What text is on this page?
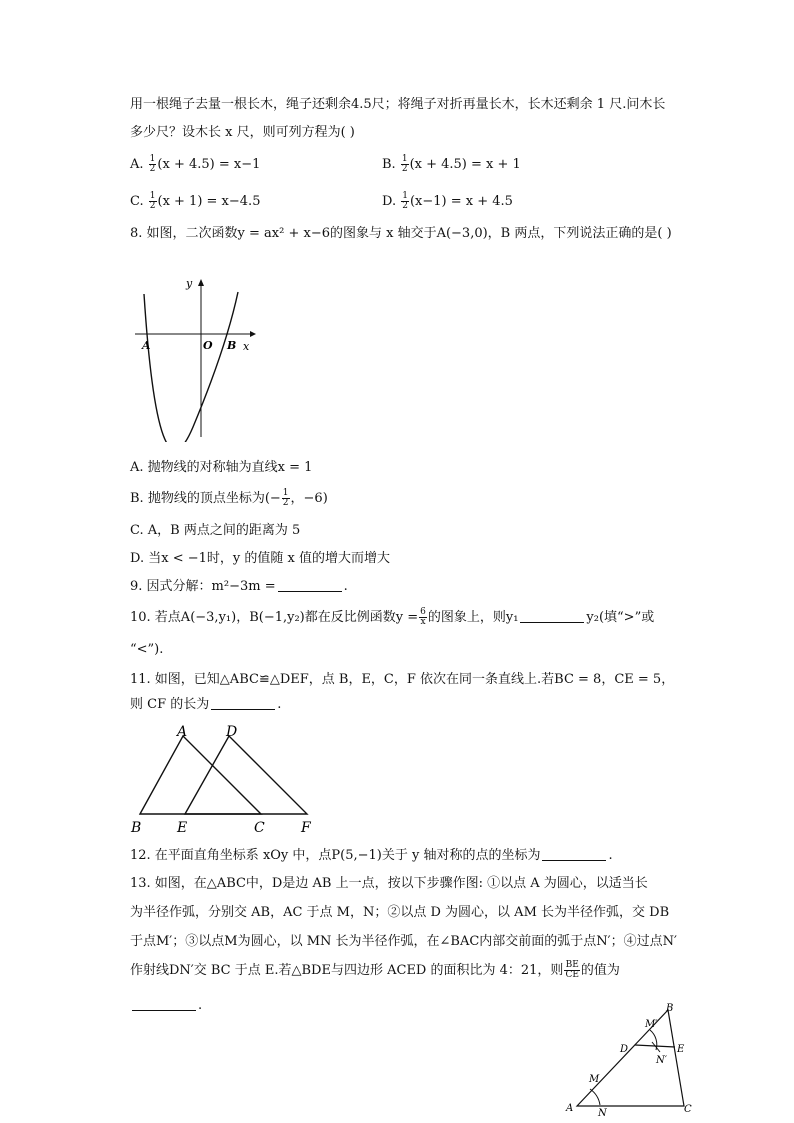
用一根绳子去量一根长木，绳子还剩余4.5尺；将绳子对折再量长木，长木还剩余 1 尺.问木长
多少尺？设木长 x 尺，则可列方程为( )
A. $\frac{1}{2} (x + 4.5) = x-1$	B. $\frac{1}{2} (x + 4.5) = x + 1$
C. $\frac{1}{2} (x + 1) = x-4.5$	D. $\frac{1}{2} (x-1) = x + 4.5$
8. 如图，二次函数y = ax² + x−6的图象与 x 轴交于A(−3,0)，B 两点，下列说法正确的是( )
y
x
A	O B
A. 抛物线的对称轴为直线x = 1
B. 抛物线的顶点坐标为(− $\frac{1}{2}$ ，−6)
C. A，B 两点之间的距离为 5
D. 当x < −1时，y 的值随 x 值的增大而增大
9. 因式分解：m²−3m =	.
10. 若点A(−3,y₁)，B(−1,y₂)都在反比例函数$y = \frac{6}{x}$ 的图象上，则y₁	y₂(填“>”或
“<”).
11. 如图，已知△ABC≌△DEF，点 B，E，C，F 依次在同一条直线上.若BC = 8，CE = 5，
则 CF 的长为	.
A	D
B	E	C	F
12. 在平面直角坐标系 xOy 中，点P(5,−1)关于 y 轴对称的点的坐标为	.
13. 如图，在△ABC中，D是边 AB 上一点，按以下步骤作图: ①以点 A 为圆心，以适当长
为半径作弧，分别交 AB，AC 于点 M，N；②以点 D 为圆心，以 AM 长为半径作弧，交 DB
于点M′；③以点M为圆心，以 MN 长为半径作弧，在∠BAC内部交前面的弧于点N′；④过点N′
作射线DN′交 BC 于点 E.若△BDE与四边形 ACED 的面积比为 4：21，则 $\frac{BE}{CE}$ 的值为
.	B
M′
D	E
N′
M
A N	C
